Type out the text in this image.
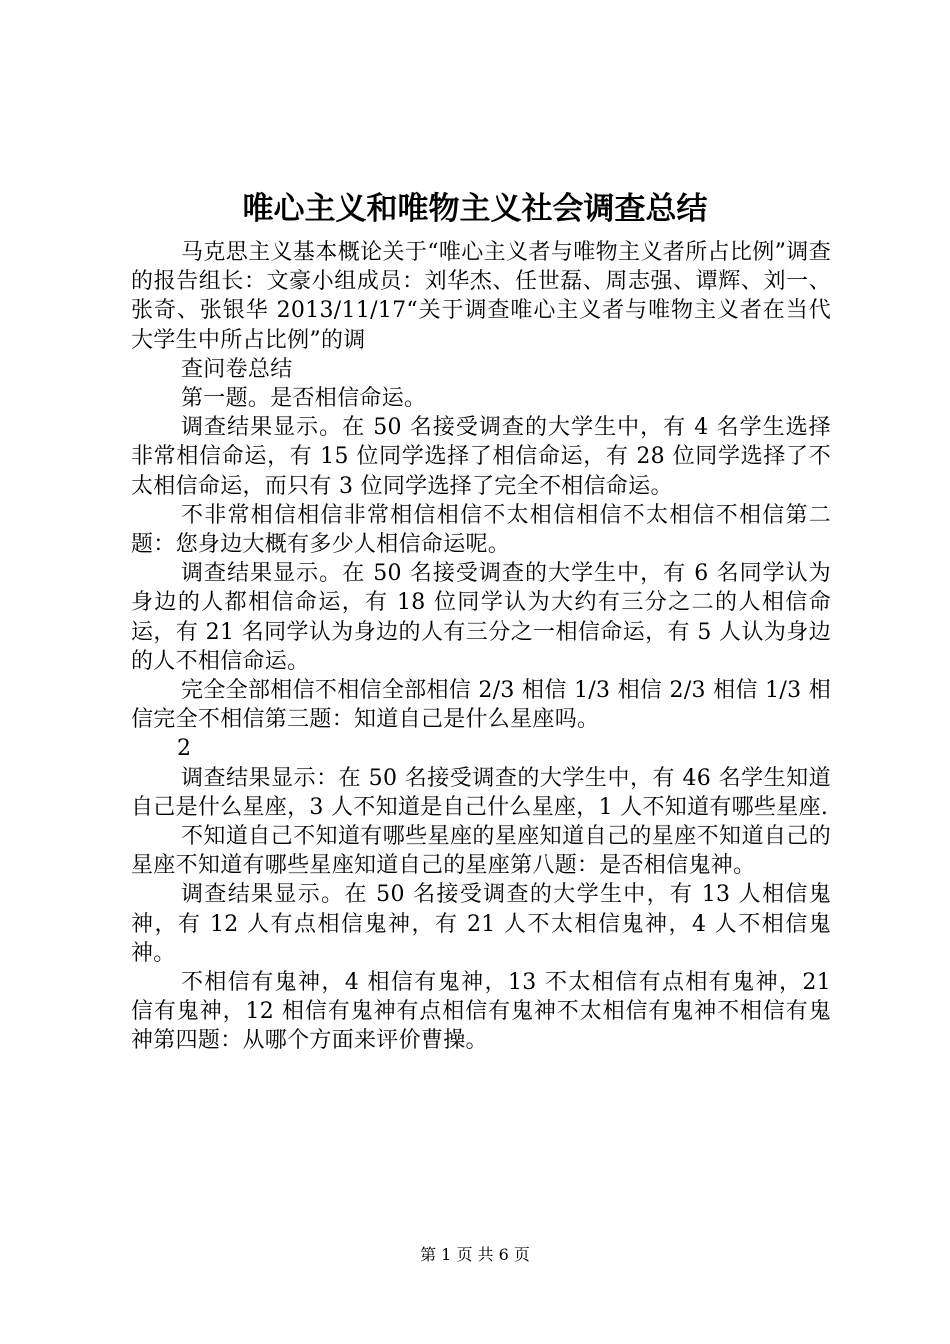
唯心主义和唯物主义社会调查总结

马克思主义基本概论关于“唯心主义者与唯物主义者所占比例”调查的报告组长：文豪小组成员：刘华杰、任世磊、周志强、谭辉、刘一、张奇、张银华 2013/11/17“关于调查唯心主义者与唯物主义者在当代大学生中所占比例”的调

查问卷总结

第一题。是否相信命运。

调查结果显示。在 50 名接受调查的大学生中，有 4 名学生选择非常相信命运，有 15 位同学选择了相信命运，有 28 位同学选择了不太相信命运，而只有 3 位同学选择了完全不相信命运。

不非常相信相信非常相信相信不太相信相信不太相信不相信第二题：您身边大概有多少人相信命运呢。

调查结果显示。在 50 名接受调查的大学生中，有 6 名同学认为身边的人都相信命运，有 18 位同学认为大约有三分之二的人相信命运，有 21 名同学认为身边的人有三分之一相信命运，有 5 人认为身边的人不相信命运。

完全全部相信不相信全部相信 2/3 相信 1/3 相信 2/3 相信 1/3 相信完全不相信第三题：知道自己是什么星座吗。

2

调查结果显示：在 50 名接受调查的大学生中，有 46 名学生知道自己是什么星座，3 人不知道是自己什么星座，1 人不知道有哪些星座.

不知道自己不知道有哪些星座的星座知道自己的星座不知道自己的星座不知道有哪些星座知道自己的星座第八题：是否相信鬼神。

调查结果显示。在 50 名接受调查的大学生中，有 13 人相信鬼神，有 12 人有点相信鬼神，有 21 人不太相信鬼神，4 人不相信鬼神。

不相信有鬼神，4 相信有鬼神，13 不太相信有点相有鬼神，21 信有鬼神，12 相信有鬼神有点相信有鬼神不太相信有鬼神不相信有鬼神第四题：从哪个方面来评价曹操。

第 1 页 共 6 页
